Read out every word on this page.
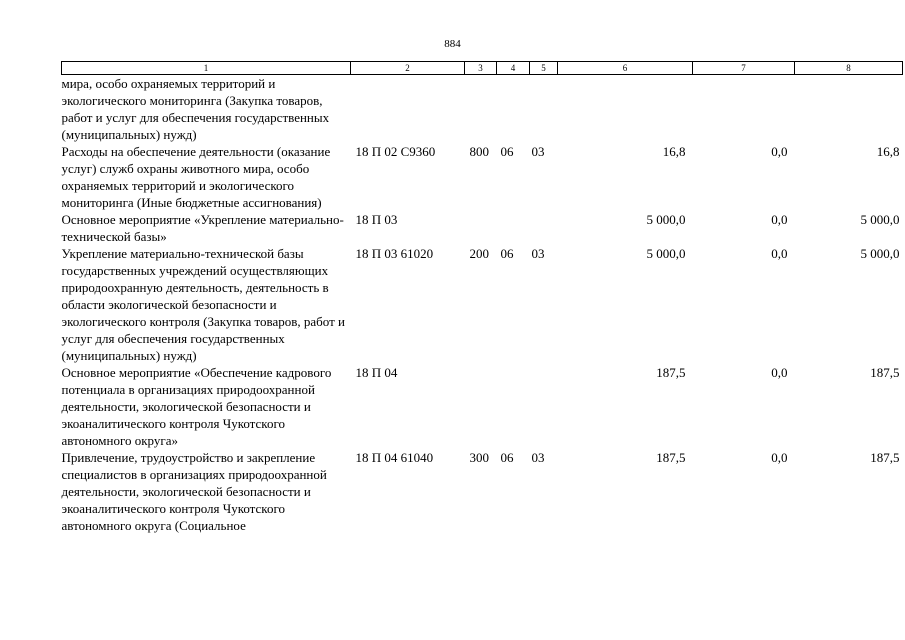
884
1	2	3	4	5	6	7	8
мира, особо охраняемых территорий и экологического мониторинга (Закупка товаров, работ и услуг для обеспечения государственных (муниципальных) нужд)							
Расходы на обеспечение деятельности (оказание услуг) служб охраны животного мира, особо охраняемых территорий и экологического мониторинга (Иные бюджетные ассигнования)	18 П 02 С9360	800	06	03	16,8	0,0	16,8
Основное мероприятие «Укрепление материально-технической базы»	18 П 03				5 000,0	0,0	5 000,0
Укрепление материально-технической базы государственных учреждений осуществляющих природоохранную деятельность, деятельность в области экологической безопасности и экологического контроля (Закупка товаров, работ и услуг для обеспечения государственных (муниципальных) нужд)	18 П 03 61020	200	06	03	5 000,0	0,0	5 000,0
Основное мероприятие «Обеспечение кадрового потенциала в организациях природоохранной деятельности, экологической безопасности и экоаналитического контроля Чукотского автономного округа»	18 П 04				187,5	0,0	187,5
Привлечение, трудоустройство и закрепление специалистов в организациях природоохранной деятельности, экологической безопасности и экоаналитического контроля Чукотского автономного округа (Социальное	18 П 04 61040	300	06	03	187,5	0,0	187,5
